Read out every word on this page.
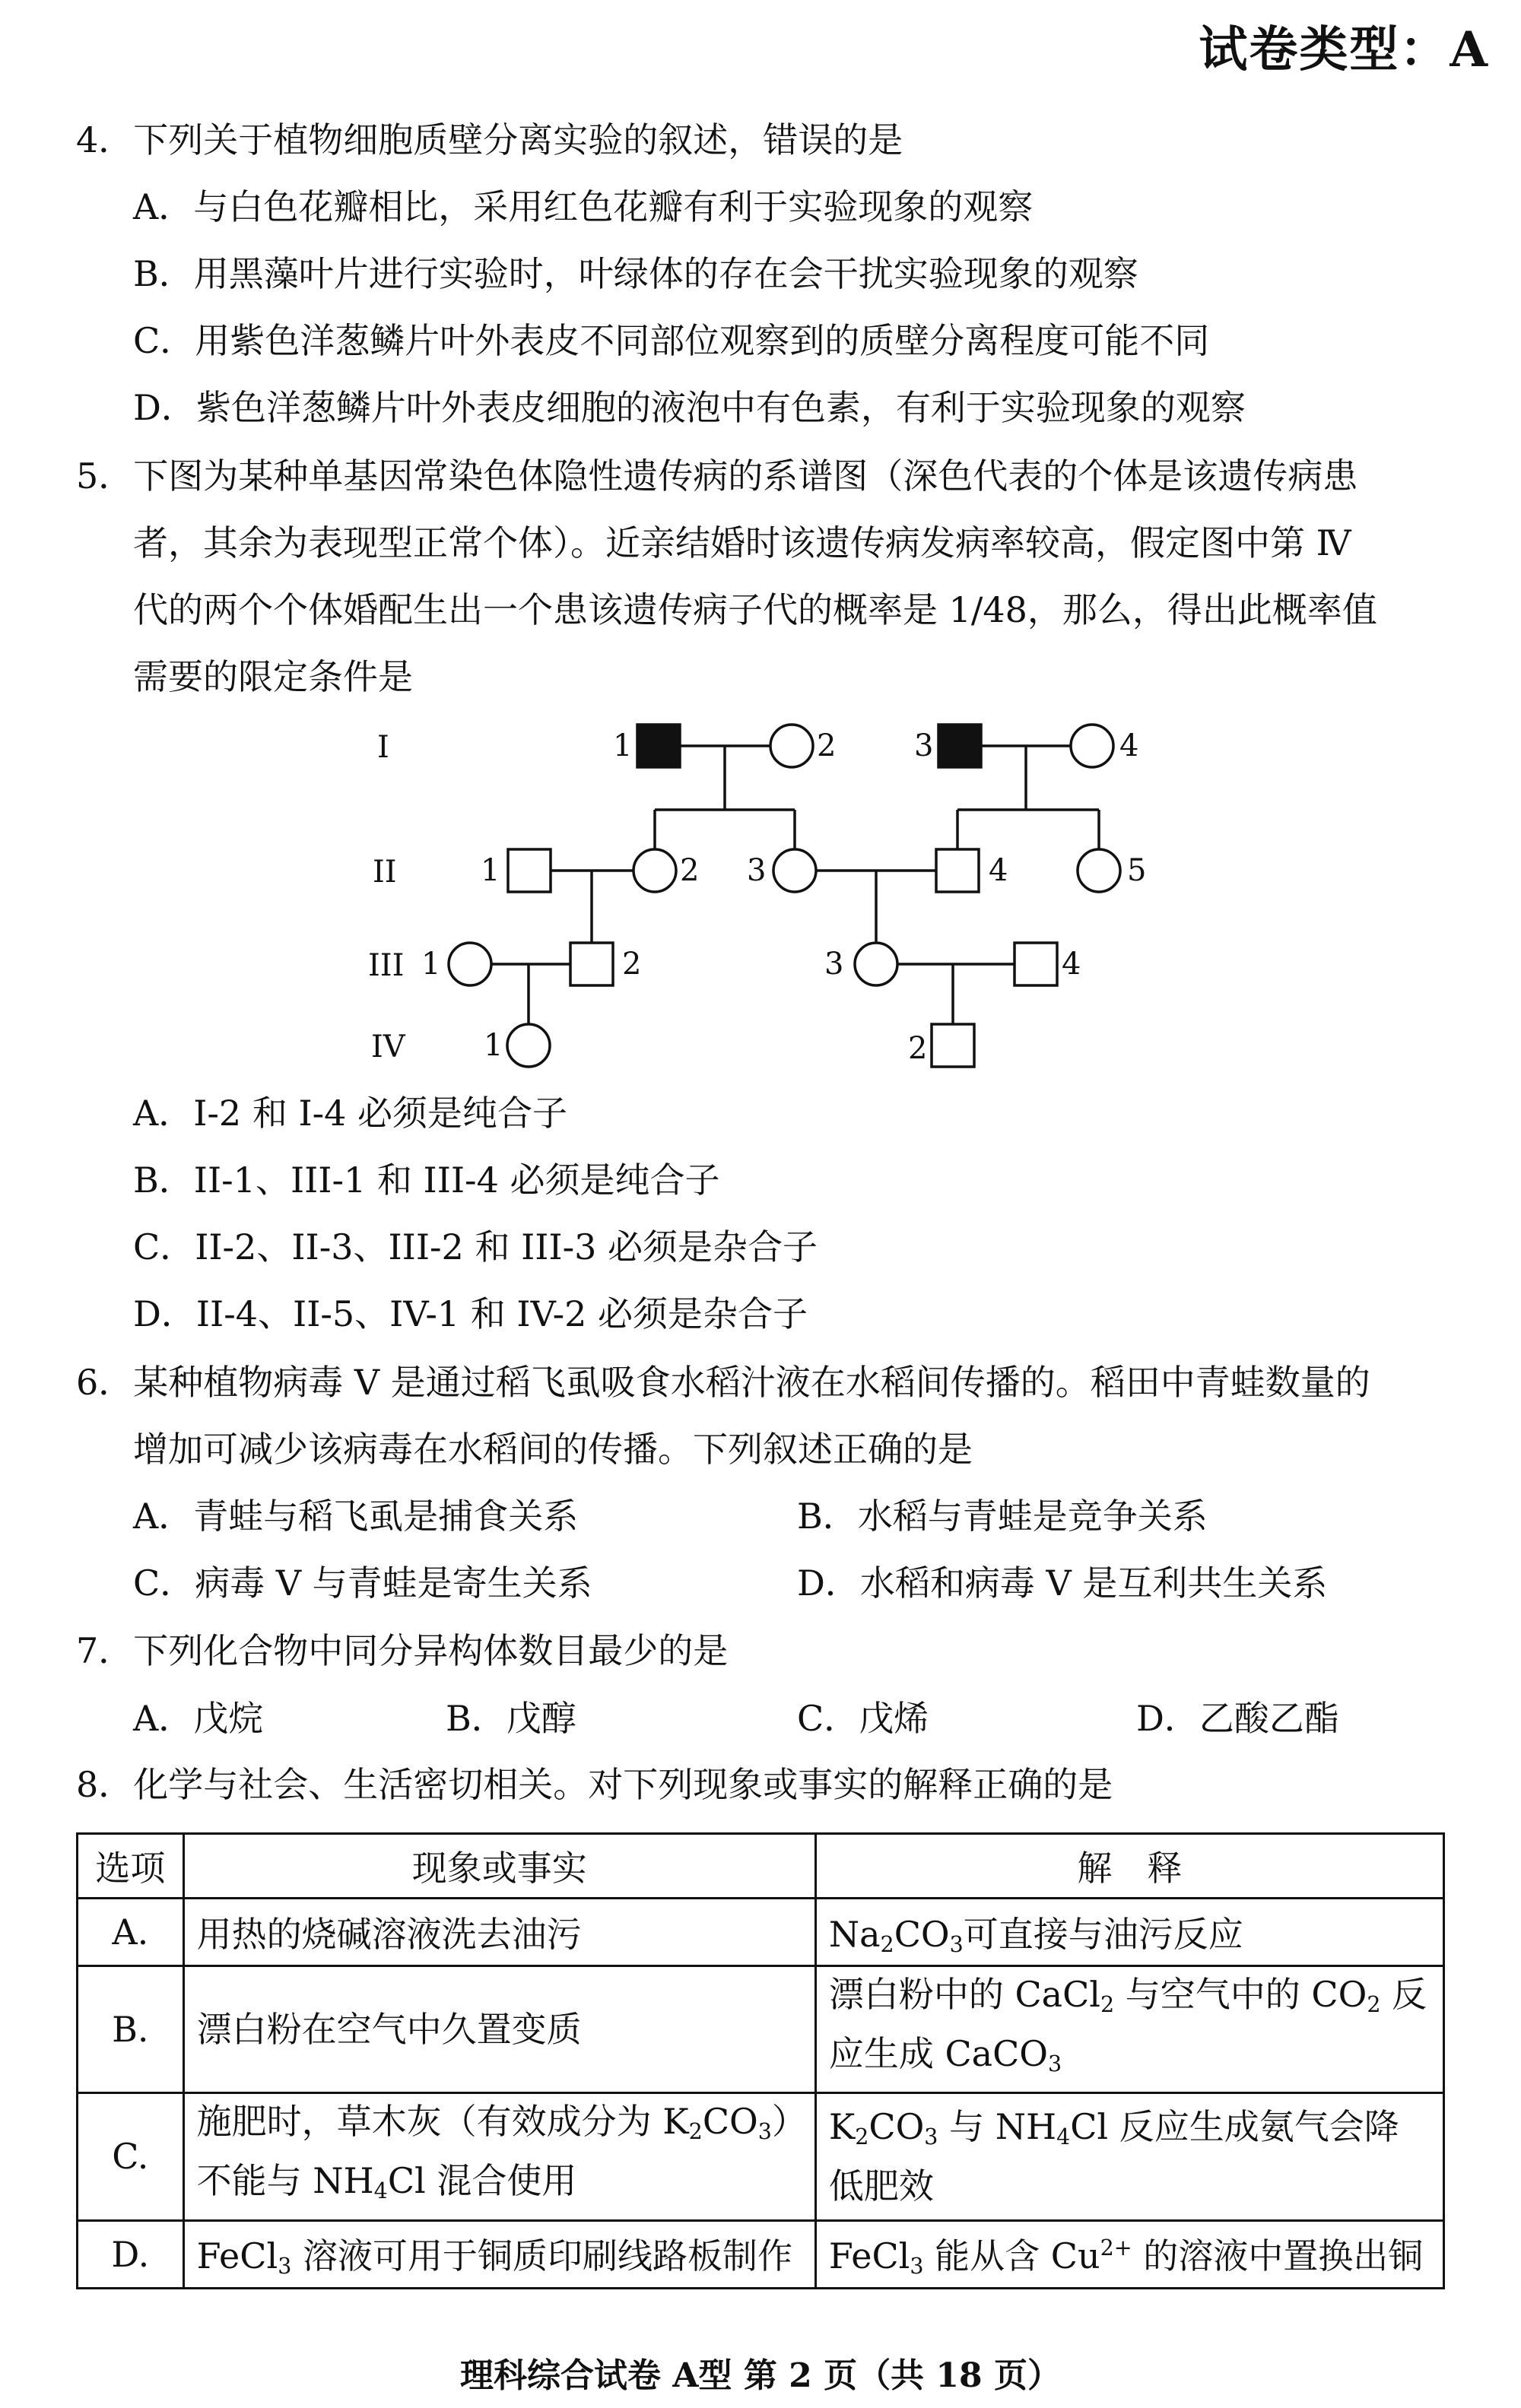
试卷类型：A
4．下列关于植物细胞质壁分离实验的叙述，错误的是
A．与白色花瓣相比，采用红色花瓣有利于实验现象的观察
B．用黑藻叶片进行实验时，叶绿体的存在会干扰实验现象的观察
C．用紫色洋葱鳞片叶外表皮不同部位观察到的质壁分离程度可能不同
D．紫色洋葱鳞片叶外表皮细胞的液泡中有色素，有利于实验现象的观察
5．下图为某种单基因常染色体隐性遗传病的系谱图（深色代表的个体是该遗传病患
者，其余为表现型正常个体）。近亲结婚时该遗传病发病率较高，假定图中第 Ⅳ
代的两个个体婚配生出一个患该遗传病子代的概率是 1/48，那么，得出此概率值
需要的限定条件是
I
II
III
IV
1	2	3	4
1	2 3	4	5
1	2	3	4
1	2
A．I-2 和 I-4 必须是纯合子
B．II-1、III-1 和 III-4 必须是纯合子
C．II-2、II-3、III-2 和 III-3 必须是杂合子
D．II-4、II-5、IV-1 和 IV-2 必须是杂合子
6．某种植物病毒 V 是通过稻飞虱吸食水稻汁液在水稻间传播的。稻田中青蛙数量的
增加可减少该病毒在水稻间的传播。下列叙述正确的是
A．青蛙与稻飞虱是捕食关系	B．水稻与青蛙是竞争关系
C．病毒 V 与青蛙是寄生关系	D．水稻和病毒 V 是互利共生关系
7．下列化合物中同分异构体数目最少的是
A．戊烷	B．戊醇	C．戊烯	D．乙酸乙酯
8．化学与社会、生活密切相关。对下列现象或事实的解释正确的是
选项	现象或事实	解　释
A.	用热的烧碱溶液洗去油污	$Na_2CO_3$可直接与油污反应
B.	漂白粉在空气中久置变质	漂白粉中的 CaCl$_2$ 与空气中的 $CO_2$ 反应生成 CaCO$_3$
C.	施肥时，草木灰（有效成分为 $K_2CO_3$）不能与 $NH_4Cl$ 混合使用	$K_2CO_3$ 与 $NH_4Cl$ 反应生成氨气会降低肥效
D.	FeCl$_3$ 溶液可用于铜质印刷线路板制作	FeCl$_3$ 能从含 $Cu^{2+}$ 的溶液中置换出铜
理科综合试卷 A型 第 2 页（共 18 页）
